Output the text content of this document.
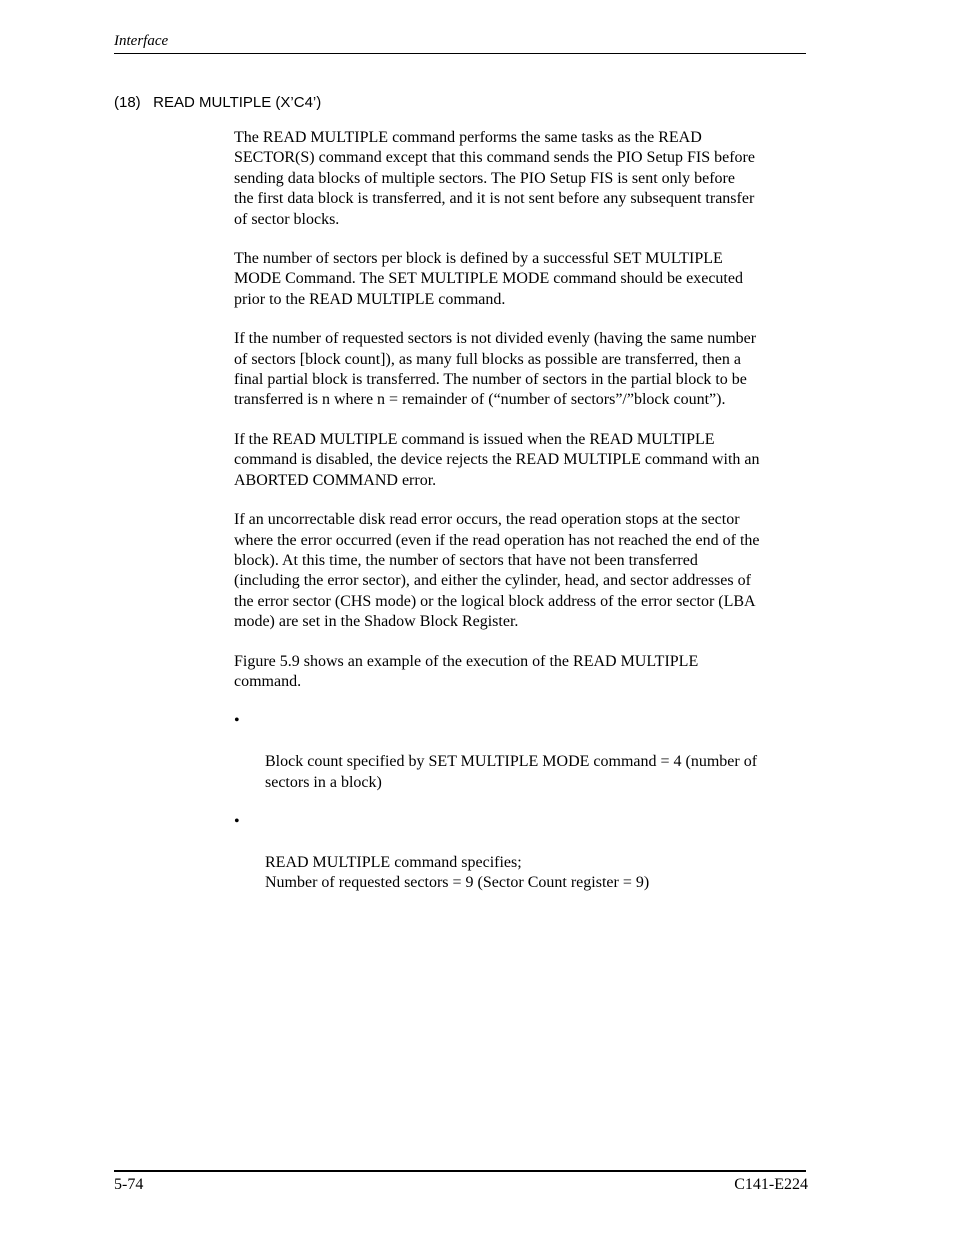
Interface
(18)   READ MULTIPLE (X’C4’)

The READ MULTIPLE command performs the same tasks as the READ
SECTOR(S) command except that this command sends the PIO Setup FIS before
sending data blocks of multiple sectors. The PIO Setup FIS is sent only before
the first data block is transferred, and it is not sent before any subsequent transfer
of sector blocks.

The number of sectors per block is defined by a successful SET MULTIPLE
MODE Command. The SET MULTIPLE MODE command should be executed
prior to the READ MULTIPLE command.

If the number of requested sectors is not divided evenly (having the same number
of sectors [block count]), as many full blocks as possible are transferred, then a
final partial block is transferred. The number of sectors in the partial block to be
transferred is n where n = remainder of (“number of sectors”/”block count”).

If the READ MULTIPLE command is issued when the READ MULTIPLE
command is disabled, the device rejects the READ MULTIPLE command with an
ABORTED COMMAND error.

If an uncorrectable disk read error occurs, the read operation stops at the sector
where the error occurred (even if the read operation has not reached the end of the
block). At this time, the number of sectors that have not been transferred
(including the error sector), and either the cylinder, head, and sector addresses of
the error sector (CHS mode) or the logical block address of the error sector (LBA
mode) are set in the Shadow Block Register.

Figure 5.9 shows an example of the execution of the READ MULTIPLE
command.

•

Block count specified by SET MULTIPLE MODE command = 4 (number of
sectors in a block)

•

READ MULTIPLE command specifies;
Number of requested sectors = 9 (Sector Count register = 9)

5-74	C141-E224
